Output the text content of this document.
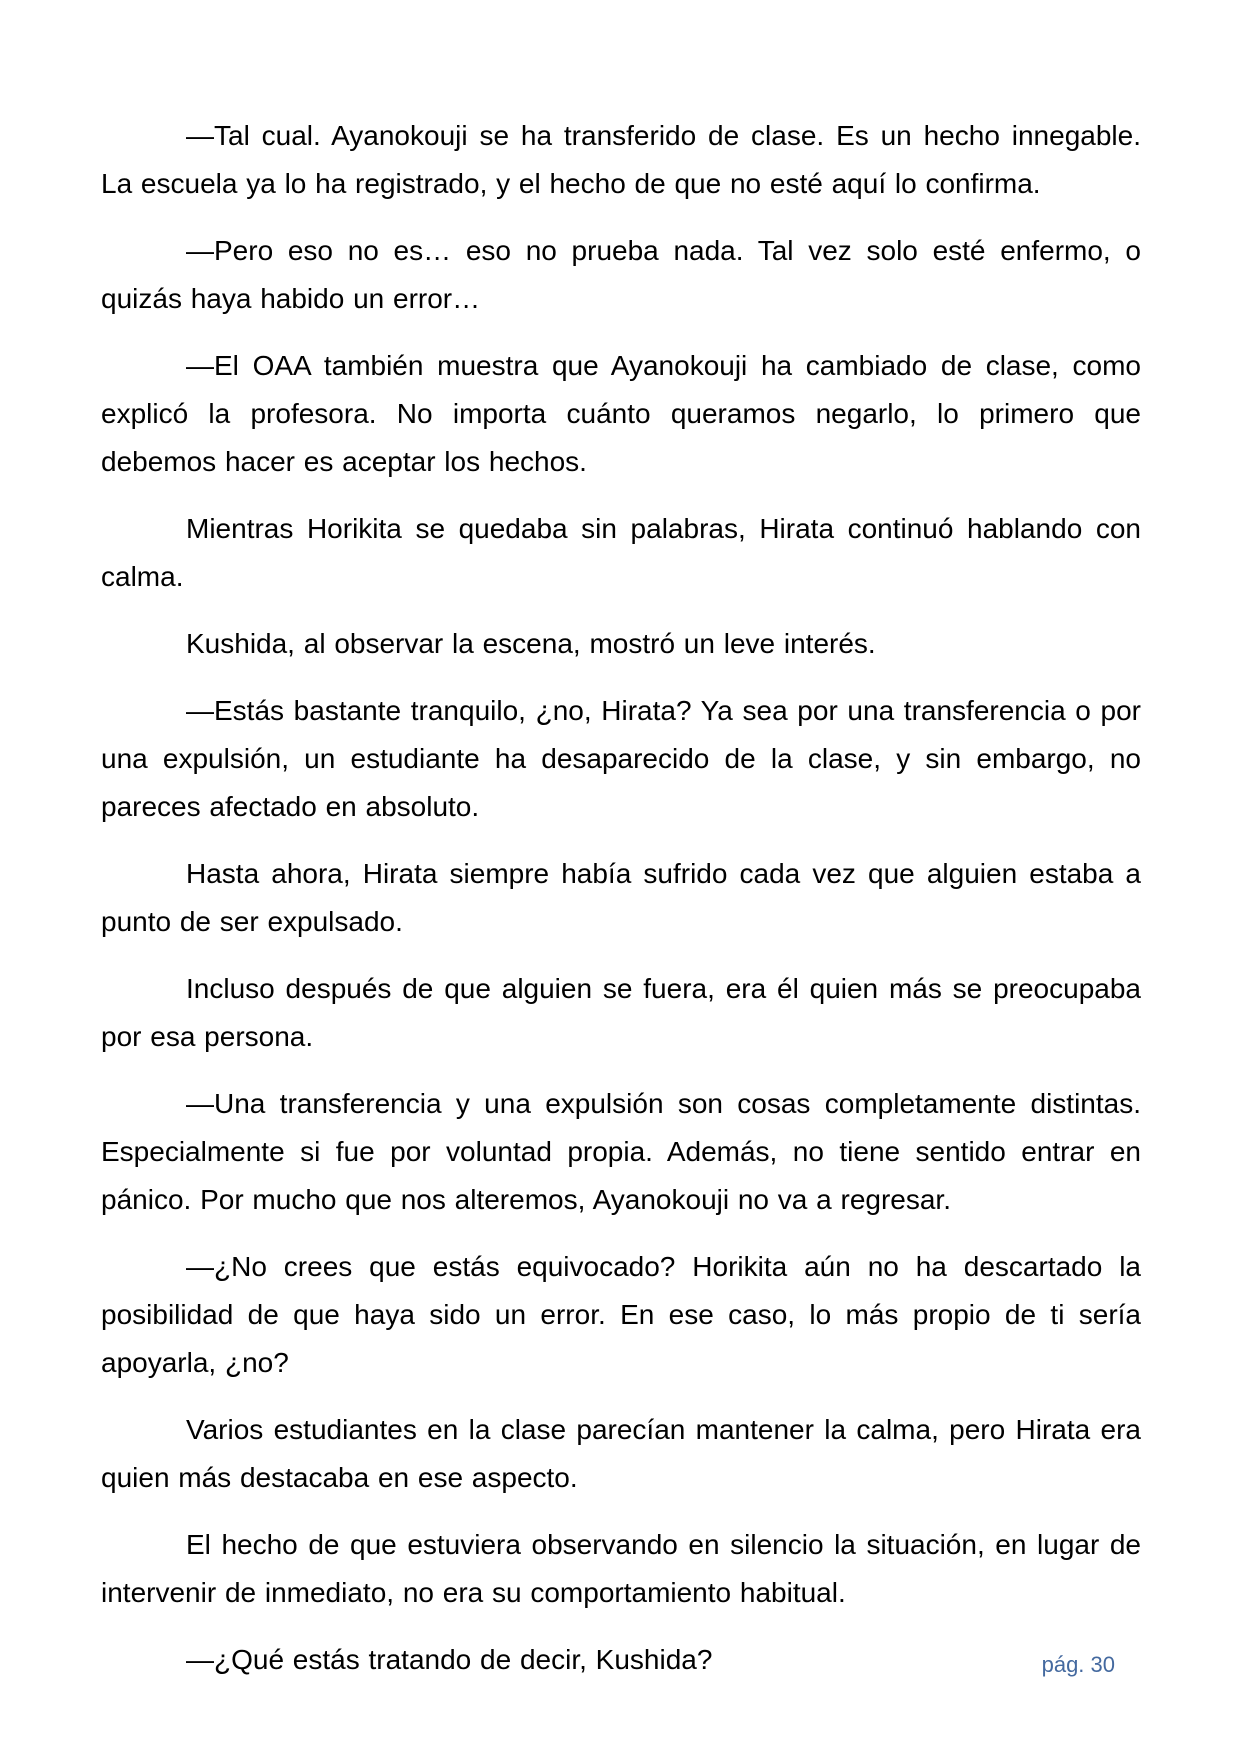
—Tal cual. Ayanokouji se ha transferido de clase. Es un hecho innegable. La escuela ya lo ha registrado, y el hecho de que no esté aquí lo confirma.

—Pero eso no es… eso no prueba nada. Tal vez solo esté enfermo, o quizás haya habido un error…

—El OAA también muestra que Ayanokouji ha cambiado de clase, como explicó la profesora. No importa cuánto queramos negarlo, lo primero que debemos hacer es aceptar los hechos.

Mientras Horikita se quedaba sin palabras, Hirata continuó hablando con calma.

Kushida, al observar la escena, mostró un leve interés.

—Estás bastante tranquilo, ¿no, Hirata? Ya sea por una transferencia o por una expulsión, un estudiante ha desaparecido de la clase, y sin embargo, no pareces afectado en absoluto.

Hasta ahora, Hirata siempre había sufrido cada vez que alguien estaba a punto de ser expulsado.

Incluso después de que alguien se fuera, era él quien más se preocupaba por esa persona.

—Una transferencia y una expulsión son cosas completamente distintas. Especialmente si fue por voluntad propia. Además, no tiene sentido entrar en pánico. Por mucho que nos alteremos, Ayanokouji no va a regresar.

—¿No crees que estás equivocado? Horikita aún no ha descartado la posibilidad de que haya sido un error. En ese caso, lo más propio de ti sería apoyarla, ¿no?

Varios estudiantes en la clase parecían mantener la calma, pero Hirata era quien más destacaba en ese aspecto.

El hecho de que estuviera observando en silencio la situación, en lugar de intervenir de inmediato, no era su comportamiento habitual.

—¿Qué estás tratando de decir, Kushida?	pág. 30
